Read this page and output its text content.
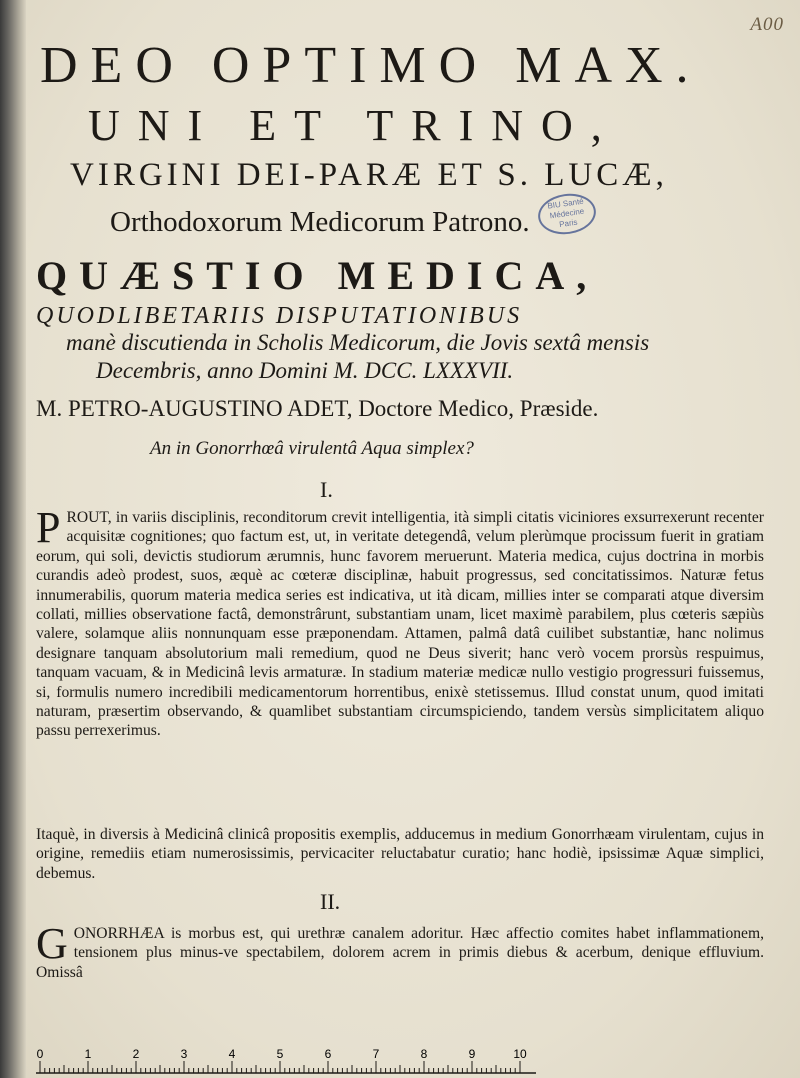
A00
DEO OPTIMO MAX.
UNI ET TRINO,
VIRGINI DEI-PARÆ ET S. LUCÆ,
Orthodoxorum Medicorum Patrono.
BIU Santé
Médecine
Paris
QUÆSTIO MEDICA,
QUODLIBETARIIS DISPUTATIONIBUS
manè discutienda in Scholis Medicorum, die Jovis sextâ mensis
Decembris, anno Domini M. DCC. LXXXVII.
M. PETRO-AUGUSTINO ADET, Doctore Medico, Præside.
An in Gonorrhœâ virulentâ Aqua simplex?
I.
PROUT, in variis disciplinis, reconditorum crevit intelligentia, ità simpli citatis viciniores exsurrexerunt recenter acquisitæ cognitiones; quo factum est, ut, in veritate detegendâ, velum plerùmque procissum fuerit in gratiam eorum, qui soli, devictis studiorum ærumnis, hunc favorem meruerunt. Materia medica, cujus doctrina in morbis curandis adeò prodest, suos, æquè ac cœteræ disciplinæ, habuit progressus, sed concitatissimos. Naturæ fetus innumerabilis, quorum materia medica series est indicativa, ut ità dicam, millies inter se comparati atque diversim collati, millies observatione factâ, demonstrârunt, substantiam unam, licet maximè parabilem, plus cœteris sæpiùs valere, solamque aliis nonnunquam esse præponendam. Attamen, palmâ datâ cuilibet substantiæ, hanc nolimus designare tanquam absolutorium mali remedium, quod ne Deus siverit; hanc verò vocem prorsùs respuimus, tanquam vacuam, & in Medicinâ levis armaturæ. In stadium materiæ medicæ nullo vestigio progressuri fuissemus, si, formulis numero incredibili medicamentorum horrentibus, enixè stetissemus. Illud constat unum, quod imitati naturam, præsertim observando, & quamlibet substantiam circumspiciendo, tandem versùs simplicitatem aliquo passu perrexerimus.
Itaquè, in diversis à Medicinâ clinicâ propositis exemplis, adducemus in medium Gonorrhæam virulentam, cujus in origine, remediis etiam numerosissimis, pervicaciter reluctabatur curatio; hanc hodiè, ipsissimæ Aquæ simplici, debemus.
II.
GONORRHÆA is morbus est, qui urethræ canalem adoritur. Hæc affectio comites habet inflammationem, tensionem plus minus-ve spectabilem, dolorem acrem in primis diebus & acerbum, denique effluvium. Omissâ
0	1	2	3	4	5	6	7	8	9	10
